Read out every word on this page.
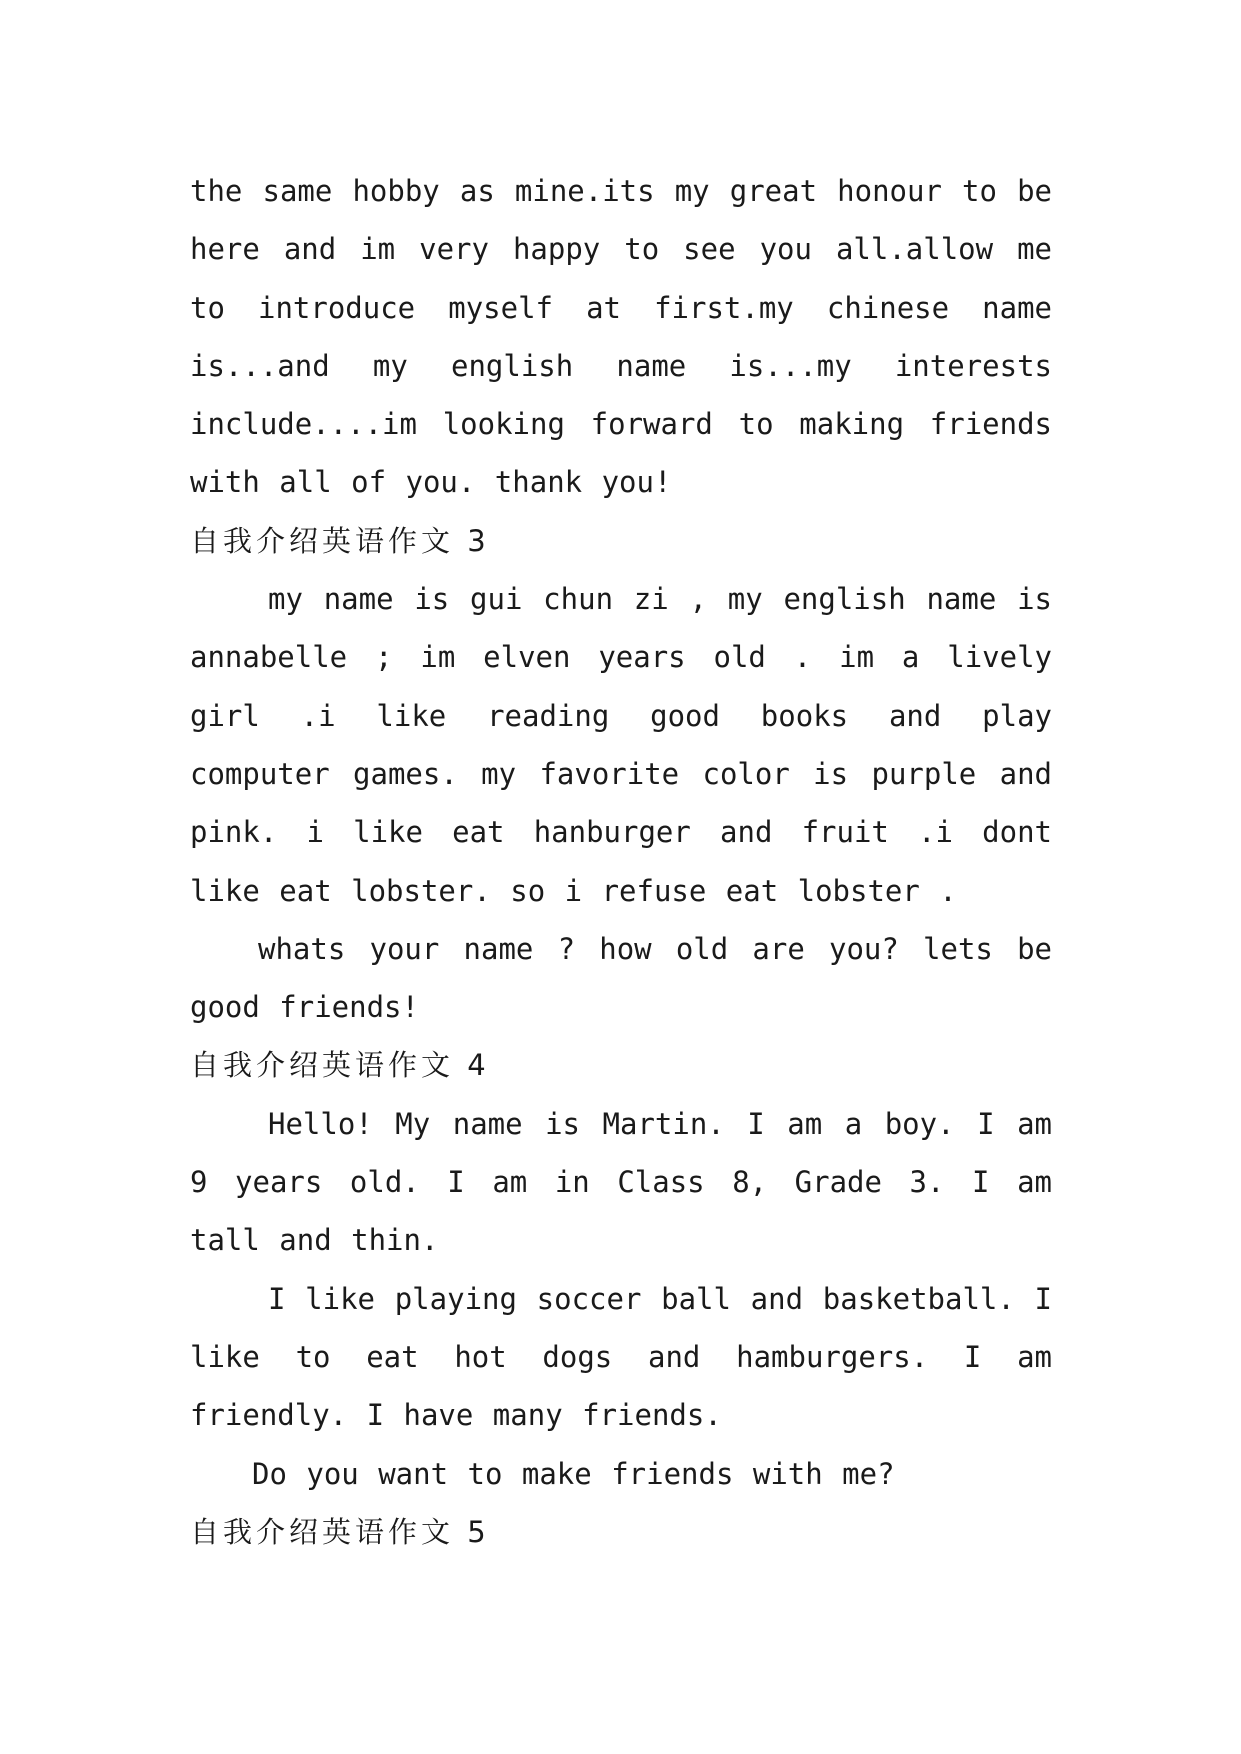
the same hobby as mine.its my great honour to be here and im very happy to see you all.allow me to introduce myself at first.my chinese name is...and my english name is...my interests include....im looking forward to making friends with all of you. thank you!

自我介绍英语作文 3

my name is gui chun zi , my english name is annabelle ; im elven years old . im a lively girl .i like reading good books and play computer games. my favorite color is purple and pink. i like eat hanburger and fruit .i dont like eat lobster. so i refuse eat lobster .

whats your name ? how old are you? lets be good friends!

自我介绍英语作文 4

Hello! My name is Martin. I am a boy. I am 9 years old. I am in Class 8, Grade 3. I am tall and thin.

I like playing soccer ball and basketball. I like to eat hot dogs and hamburgers. I am friendly. I have many friends.

Do you want to make friends with me?

自我介绍英语作文 5
